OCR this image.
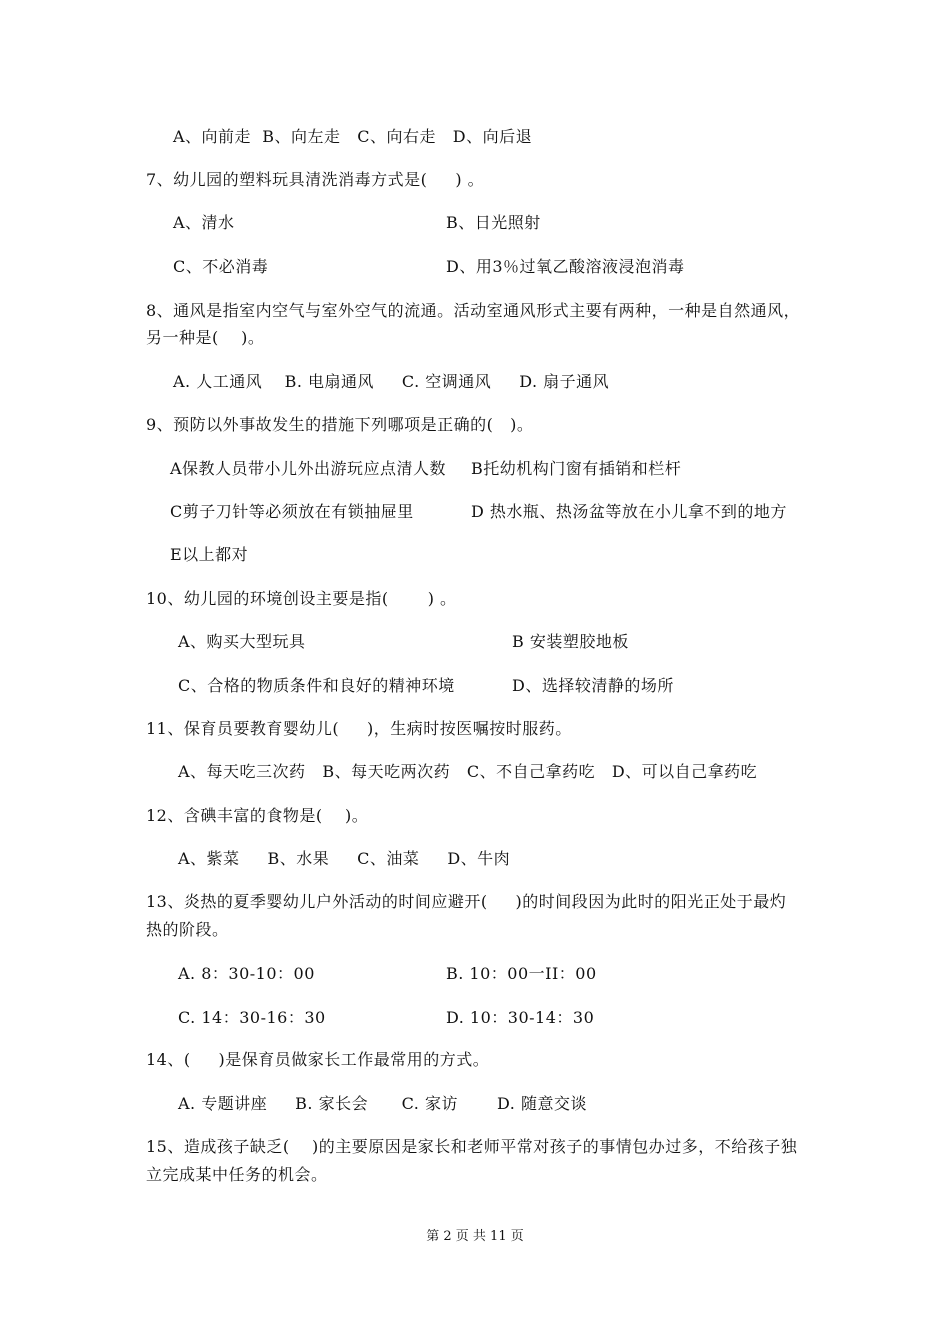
A、向前走  B、向左走   C、向右走   D、向后退
7、幼儿园的塑料玩具清洗消毒方式是(     ) 。
A、清水	B、日光照射
C、不必消毒	D、用3％过氧乙酸溶液浸泡消毒
8、通风是指室内空气与室外空气的流通。活动室通风形式主要有两种，一种是自然通风，
另一种是(    )。
A. 人工通风    B. 电扇通风     C. 空调通风     D. 扇子通风
9、预防以外事故发生的措施下列哪项是正确的(   )。
A保教人员带小儿外出游玩应点清人数 B托幼机构门窗有插销和栏杆
C剪子刀针等必须放在有锁抽屉里	D 热水瓶、热汤盆等放在小儿拿不到的地方
E以上都对
10、幼儿园的环境创设主要是指(       ) 。
A、购买大型玩具	B 安装塑胶地板
C、合格的物质条件和良好的精神环境	D、选择较清静的场所
11、保育员要教育婴幼儿(     )，生病时按医嘱按时服药。
A、每天吃三次药   B、每天吃两次药   C、不自己拿药吃   D、可以自己拿药吃
12、含碘丰富的食物是(    )。
A、紫菜     B、水果     C、油菜     D、牛肉
13、炎热的夏季婴幼儿户外活动的时间应避开(     )的时间段因为此时的阳光正处于最灼
热的阶段。
A. 8：30-10：00	B. 10：00一II：00
C. 14：30-16：30	D. 10：30-14：30
14、(     )是保育员做家长工作最常用的方式。
A. 专题讲座     B. 家长会      C. 家访       D. 随意交谈
15、造成孩子缺乏(    )的主要原因是家长和老师平常对孩子的事情包办过多，不给孩子独
立完成某中任务的机会。
第 2 页 共 11 页
